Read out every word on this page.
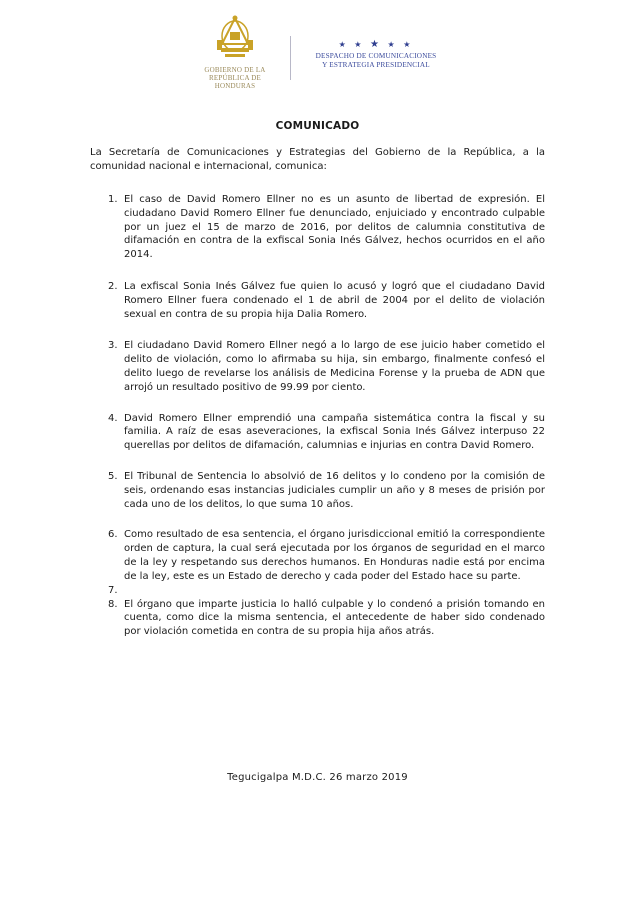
GOBIERNO DE LA
REPÚBLICA DE HONDURAS
★ ★ ★ ★ ★
DESPACHO DE COMUNICACIONES
Y ESTRATEGIA PRESIDENCIAL
COMUNICADO
La Secretaría de Comunicaciones y Estrategias del Gobierno de la República, a la comunidad nacional e internacional, comunica:
1. El caso de David Romero Ellner no es un asunto de libertad de expresión. El ciudadano David Romero Ellner fue denunciado, enjuiciado y encontrado culpable por un juez el 15 de marzo de 2016, por delitos de calumnia constitutiva de difamación en contra de la exfiscal Sonia Inés Gálvez, hechos ocurridos en el año 2014.
2. La exfiscal Sonia Inés Gálvez fue quien lo acusó y logró que el ciudadano David Romero Ellner fuera condenado el 1 de abril de 2004 por el delito de violación sexual en contra de su propia hija Dalia Romero.
3. El ciudadano David Romero Ellner negó a lo largo de ese juicio haber cometido el delito de violación, como lo afirmaba su hija, sin embargo, finalmente confesó el delito luego de revelarse los análisis de Medicina Forense y la prueba de ADN que arrojó un resultado positivo de 99.99 por ciento.
4. David Romero Ellner emprendió una campaña sistemática contra la fiscal y su familia. A raíz de esas aseveraciones, la exfiscal Sonia Inés Gálvez interpuso 22 querellas por delitos de difamación, calumnias e injurias en contra David Romero.
5. El Tribunal de Sentencia lo absolvió de 16 delitos y lo condeno por la comisión de seis, ordenando esas instancias judiciales cumplir un año y 8 meses de prisión por cada uno de los delitos, lo que suma 10 años.
6. Como resultado de esa sentencia, el órgano jurisdiccional emitió la correspondiente orden de captura, la cual será ejecutada por los órganos de seguridad en el marco de la ley y respetando sus derechos humanos. En Honduras nadie está por encima de la ley, este es un Estado de derecho y cada poder del Estado hace su parte.
7.
8. El órgano que imparte justicia lo halló culpable y lo condenó a prisión tomando en cuenta, como dice la misma sentencia, el antecedente de haber sido condenado por violación cometida en contra de su propia hija años atrás.
Tegucigalpa M.D.C. 26 marzo 2019
